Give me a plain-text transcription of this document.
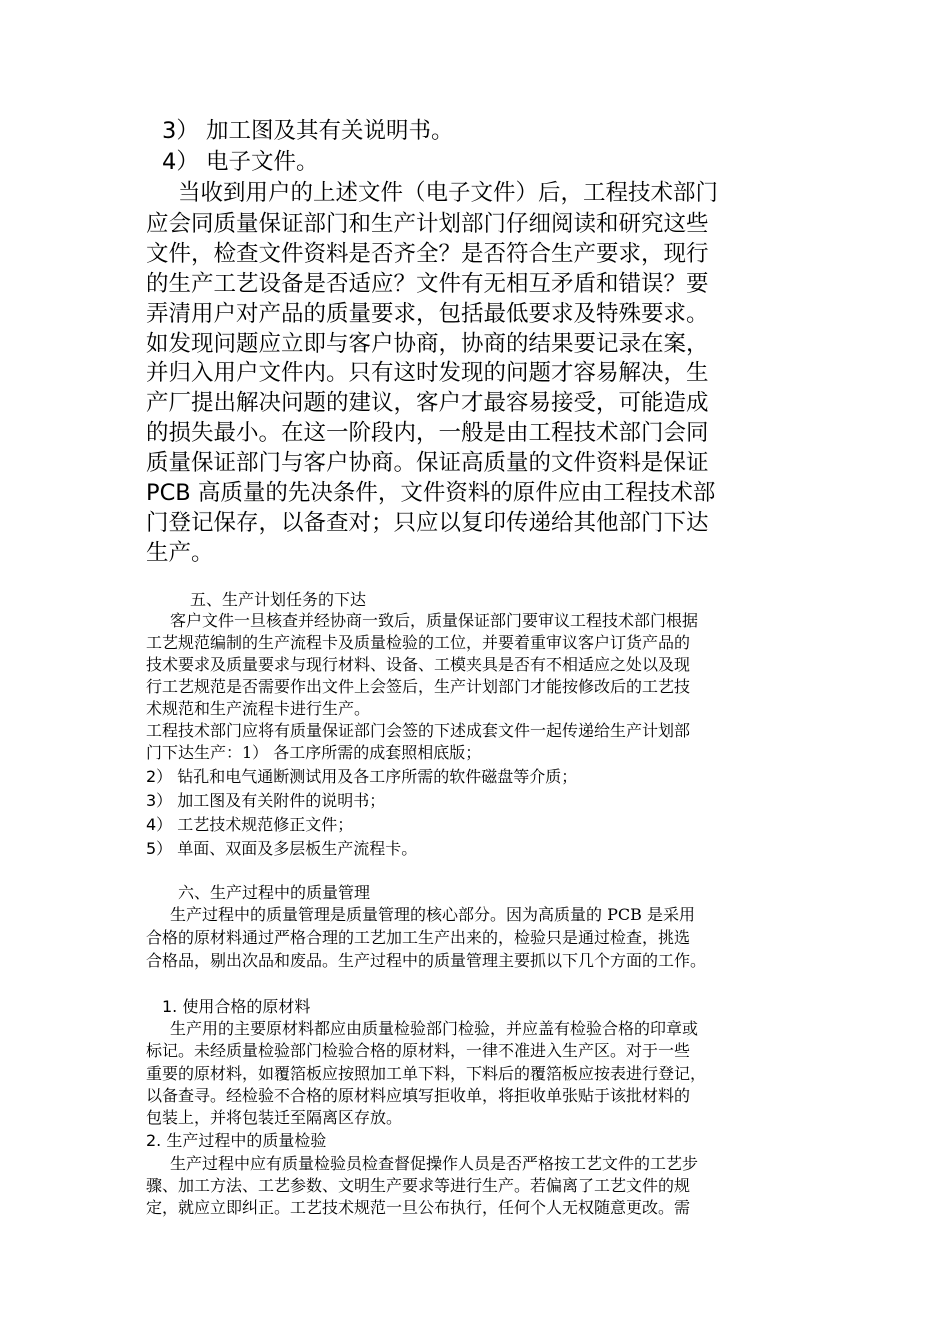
3） 加工图及其有关说明书。
4） 电子文件。
当收到用户的上述文件（电子文件）后，工程技术部门
应会同质量保证部门和生产计划部门仔细阅读和研究这些
文件，检查文件资料是否齐全？是否符合生产要求，现行
的生产工艺设备是否适应？文件有无相互矛盾和错误？要
弄清用户对产品的质量要求，包括最低要求及特殊要求。
如发现问题应立即与客户协商，协商的结果要记录在案，
并归入用户文件内。只有这时发现的问题才容易解决，生
产厂提出解决问题的建议，客户才最容易接受，可能造成
的损失最小。在这一阶段内，一般是由工程技术部门会同
质量保证部门与客户协商。保证高质量的文件资料是保证
PCB 高质量的先决条件，文件资料的原件应由工程技术部
门登记保存，以备查对；只应以复印传递给其他部门下达
生产。
五、生产计划任务的下达
客户文件一旦核查并经协商一致后，质量保证部门要审议工程技术部门根据
工艺规范编制的生产流程卡及质量检验的工位，并要着重审议客户订货产品的
技术要求及质量要求与现行材料、设备、工模夹具是否有不相适应之处以及现
行工艺规范是否需要作出文件上会签后，生产计划部门才能按修改后的工艺技
术规范和生产流程卡进行生产。
工程技术部门应将有质量保证部门会签的下述成套文件一起传递给生产计划部
门下达生产：1） 各工序所需的成套照相底版；
2） 钻孔和电气通断测试用及各工序所需的软件磁盘等介质；
3） 加工图及有关附件的说明书；
4） 工艺技术规范修正文件；
5） 单面、双面及多层板生产流程卡。
六、生产过程中的质量管理
生产过程中的质量管理是质量管理的核心部分。因为高质量的 PCB 是采用
合格的原材料通过严格合理的工艺加工生产出来的，检验只是通过检查，挑选
合格品，剔出次品和废品。生产过程中的质量管理主要抓以下几个方面的工作。
1. 使用合格的原材料
生产用的主要原材料都应由质量检验部门检验，并应盖有检验合格的印章或
标记。未经质量检验部门检验合格的原材料，一律不准进入生产区。对于一些
重要的原材料，如覆箔板应按照加工单下料，下料后的覆箔板应按表进行登记，
以备查寻。经检验不合格的原材料应填写拒收单，将拒收单张贴于该批材料的
包装上，并将包装迁至隔离区存放。
2. 生产过程中的质量检验
生产过程中应有质量检验员检查督促操作人员是否严格按工艺文件的工艺步
骤、加工方法、工艺参数、文明生产要求等进行生产。若偏离了工艺文件的规
定，就应立即纠正。工艺技术规范一旦公布执行，任何个人无权随意更改。需
